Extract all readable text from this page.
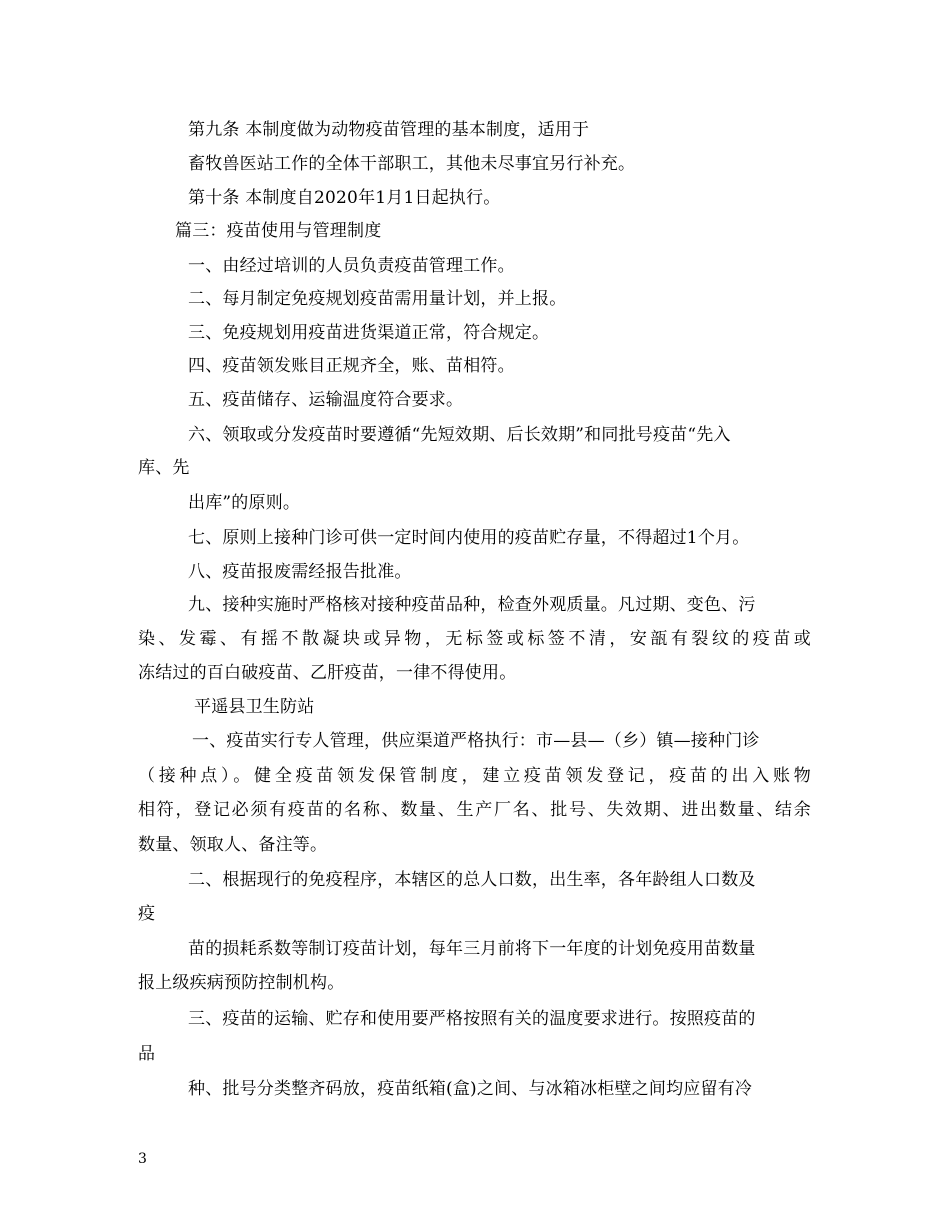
第九条 本制度做为动物疫苗管理的基本制度，适用于
畜牧兽医站工作的全体干部职工，其他未尽事宜另行补充。
第十条 本制度自2020年1月1日起执行。
篇三：疫苗使用与管理制度
一、由经过培训的人员负责疫苗管理工作。
二、每月制定免疫规划疫苗需用量计划，并上报。
三、免疫规划用疫苗进货渠道正常，符合规定。
四、疫苗领发账目正规齐全，账、苗相符。
五、疫苗储存、运输温度符合要求。
六、领取或分发疫苗时要遵循“先短效期、后长效期”和同批号疫苗“先入
库、先
出库”的原则。
七、原则上接种门诊可供一定时间内使用的疫苗贮存量，不得超过1个月。
八、疫苗报废需经报告批准。
九、接种实施时严格核对接种疫苗品种，检查外观质量。凡过期、变色、污
染、发霉、有摇不散凝块或异物，无标签或标签不清，安瓿有裂纹的疫苗或
冻结过的百白破疫苗、乙肝疫苗，一律不得使用。
平遥县卫生防站
一、疫苗实行专人管理，供应渠道严格执行：市—县—（乡）镇—接种门诊
（接种点）。健全疫苗领发保管制度，建立疫苗领发登记，疫苗的出入账物
相符，登记必须有疫苗的名称、数量、生产厂名、批号、失效期、进出数量、结余
数量、领取人、备注等。
二、根据现行的免疫程序，本辖区的总人口数，出生率，各年龄组人口数及
疫
苗的损耗系数等制订疫苗计划，每年三月前将下一年度的计划免疫用苗数量
报上级疾病预防控制机构。
三、疫苗的运输、贮存和使用要严格按照有关的温度要求进行。按照疫苗的
品
种、批号分类整齐码放，疫苗纸箱(盒)之间、与冰箱冰柜壁之间均应留有冷
3
